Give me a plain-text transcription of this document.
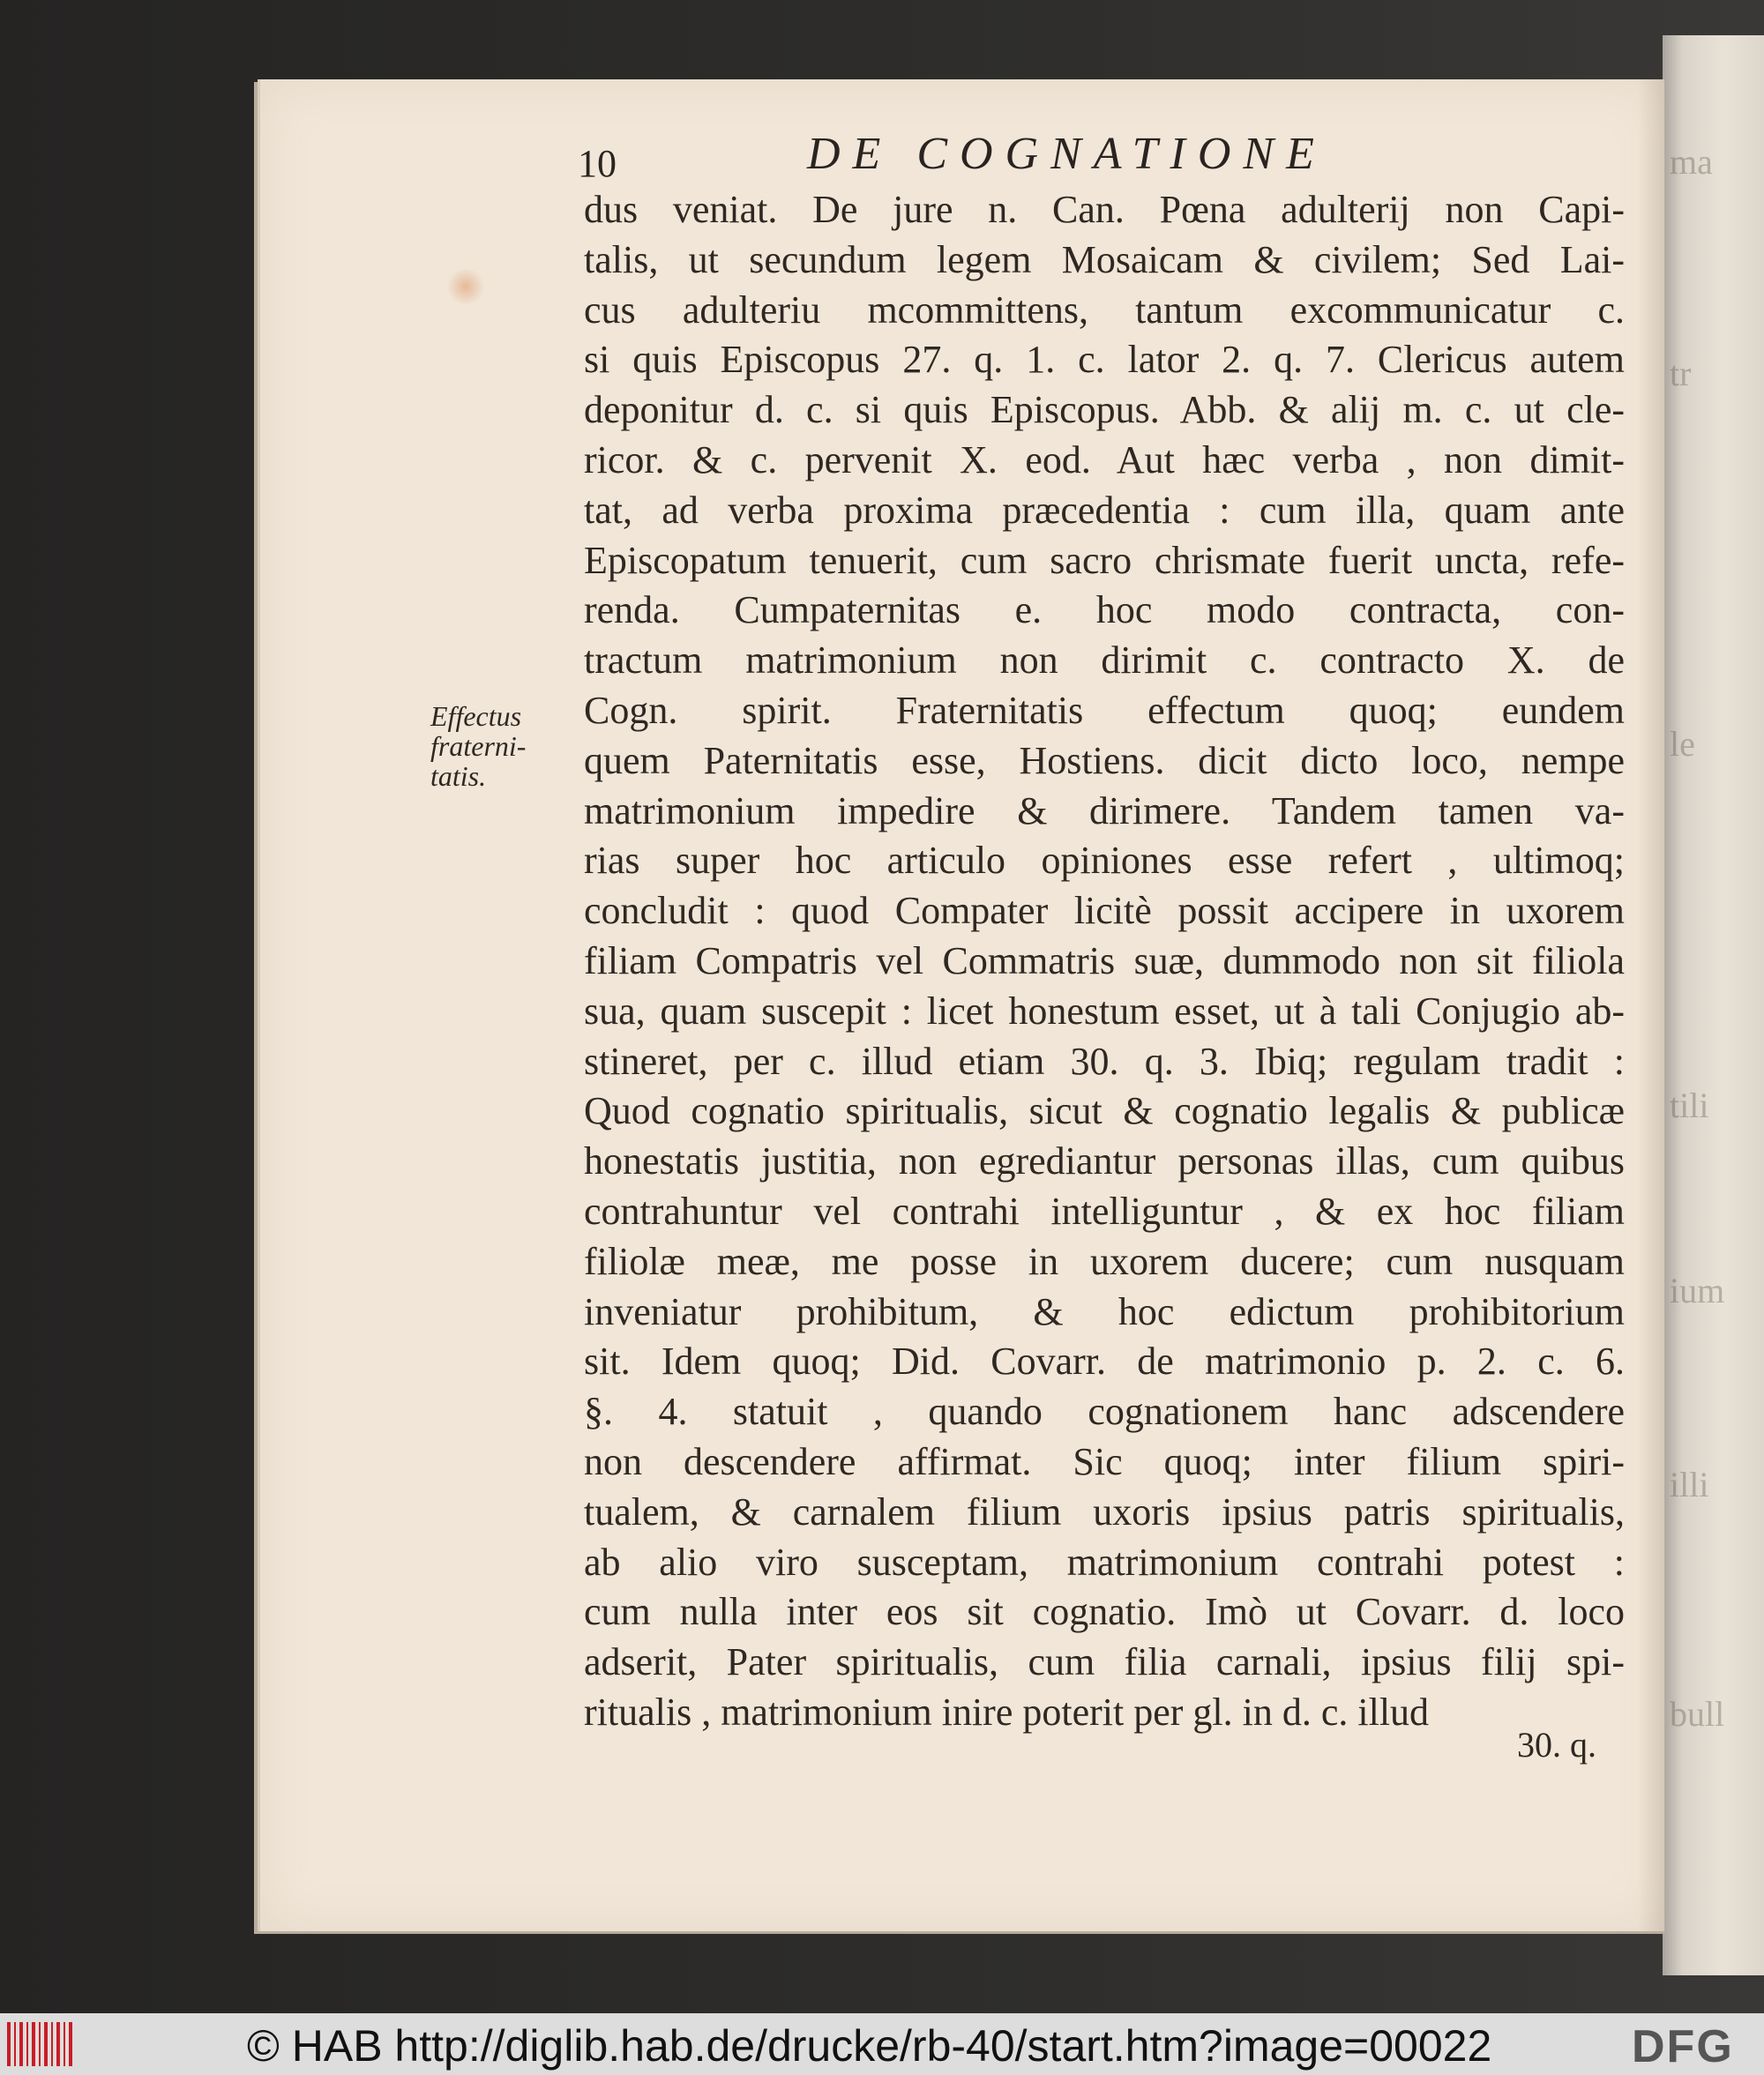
ma
tr
le
tili
ium
illi
bull
10	DE COGNATIONE
Effectus fraterni- tatis.
dus veniat. De jure n. Can. Pœna adulterij non Capi-
talis, ut secundum legem Mosaicam & civilem; Sed Lai-
cus adulteriu mcommittens, tantum excommunicatur c.
si quis Episcopus 27. q. 1. c. lator 2. q. 7. Clericus autem
deponitur d. c. si quis Episcopus. Abb. & alij m. c. ut cle-
ricor. & c. pervenit X. eod. Aut hæc verba , non dimit-
tat, ad verba proxima præcedentia : cum illa, quam ante
Episcopatum tenuerit, cum sacro chrismate fuerit uncta, refe-
renda. Cumpaternitas e. hoc modo contracta, con-
tractum matrimonium non dirimit c. contracto X. de
Cogn. spirit. Fraternitatis effectum quoq; eundem
quem Paternitatis esse, Hostiens. dicit dicto loco, nempe
matrimonium impedire & dirimere. Tandem tamen va-
rias super hoc articulo opiniones esse refert , ultimoq;
concludit : quod Compater licitè possit accipere in uxorem
filiam Compatris vel Commatris suæ, dummodo non sit filiola
sua, quam suscepit : licet honestum esset, ut à tali Conjugio ab-
stineret, per c. illud etiam 30. q. 3. Ibiq; regulam tradit :
Quod cognatio spiritualis, sicut & cognatio legalis & publicæ
honestatis justitia, non egrediantur personas illas, cum quibus
contrahuntur vel contrahi intelliguntur , & ex hoc filiam
filiolæ meæ, me posse in uxorem ducere; cum nusquam
inveniatur prohibitum, & hoc edictum prohibitorium
sit. Idem quoq; Did. Covarr. de matrimonio p. 2. c. 6.
§. 4. statuit , quando cognationem hanc adscendere
non descendere affirmat. Sic quoq; inter filium spiri-
tualem, & carnalem filium uxoris ipsius patris spiritualis,
ab alio viro susceptam, matrimonium contrahi potest :
cum nulla inter eos sit cognatio. Imò ut Covarr. d. loco
adserit, Pater spiritualis, cum filia carnali, ipsius filij spi-
ritualis , matrimonium inire poterit per gl. in d. c. illud
30. q.
© HAB http://diglib.hab.de/drucke/rb-40/start.htm?image=00022	DFG
